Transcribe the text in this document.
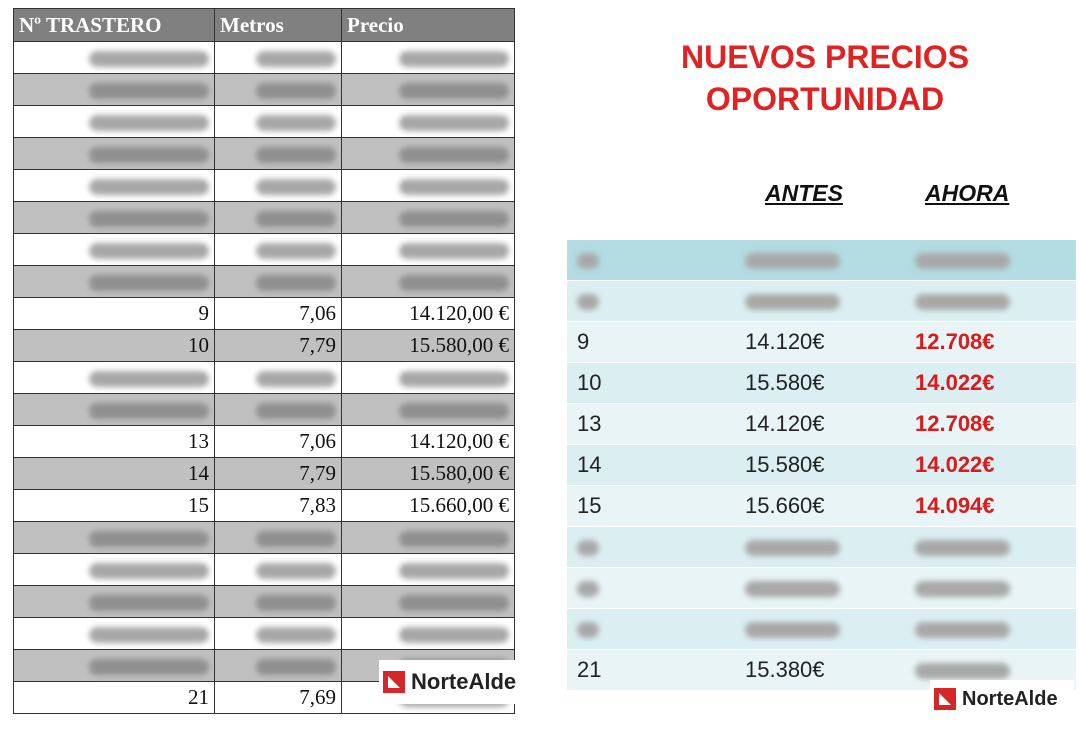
Nº TRASTERO	Metros	Precio

9	7,06	14.120,00 €
10	7,79	15.580,00 €

13	7,06	14.120,00 €
14	7,79	15.580,00 €
15	7,83	15.660,00 €

21	7,69	
NUEVOS PRECIOS
OPORTUNIDAD
ANTES	AHORA

9	14.120€	12.708€
10	15.580€	14.022€
13	14.120€	12.708€
14	15.580€	14.022€
15	15.660€	14.094€

21	15.380€	
NorteAlde
NorteAlde
